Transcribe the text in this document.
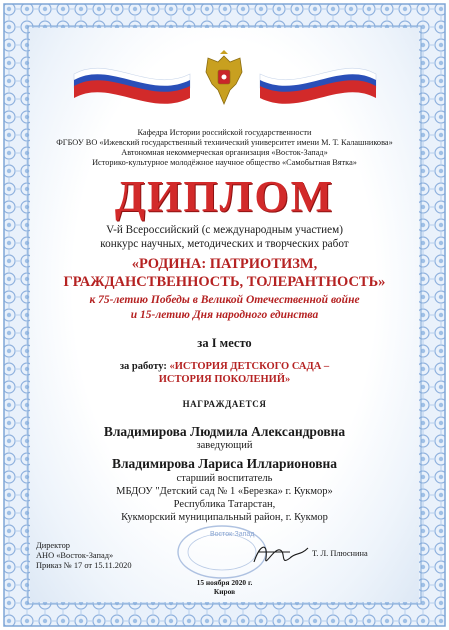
Кафедра Истории российской государственности
ФГБОУ ВО «Ижевский государственный технический университет имени М. Т. Калашникова»
Автономная некоммерческая организация «Восток-Запад»
Историко-культурное молодёжное научное общество «Самобытная Вятка»
ДИПЛОМ
V-й Всероссийский (с международным участием)
конкурс научных, методических и творческих работ
«РОДИНА: ПАТРИОТИЗМ,
ГРАЖДАНСТВЕННОСТЬ, ТОЛЕРАНТНОСТЬ»
к 75-летию Победы в Великой Отечественной войне
и 15-летию Дня народного единства
за I место
за работу: «ИСТОРИЯ ДЕТСКОГО САДА –
ИСТОРИЯ ПОКОЛЕНИЙ»
НАГРАЖДАЕТСЯ
Владимирова Людмила Александровна
заведующий
Владимирова Лариса Илларионовна
старший воспитатель
МБДОУ "Детский сад № 1 «Березка» г. Кукмор»
Республика Татарстан,
Кукморский муниципальный район, г. Кукмор
Восток-Запад
Директор
АНО «Восток-Запад»
Приказ № 17 от 15.11.2020
Т. Л. Плюснина
15 ноября 2020 г.
Киров
